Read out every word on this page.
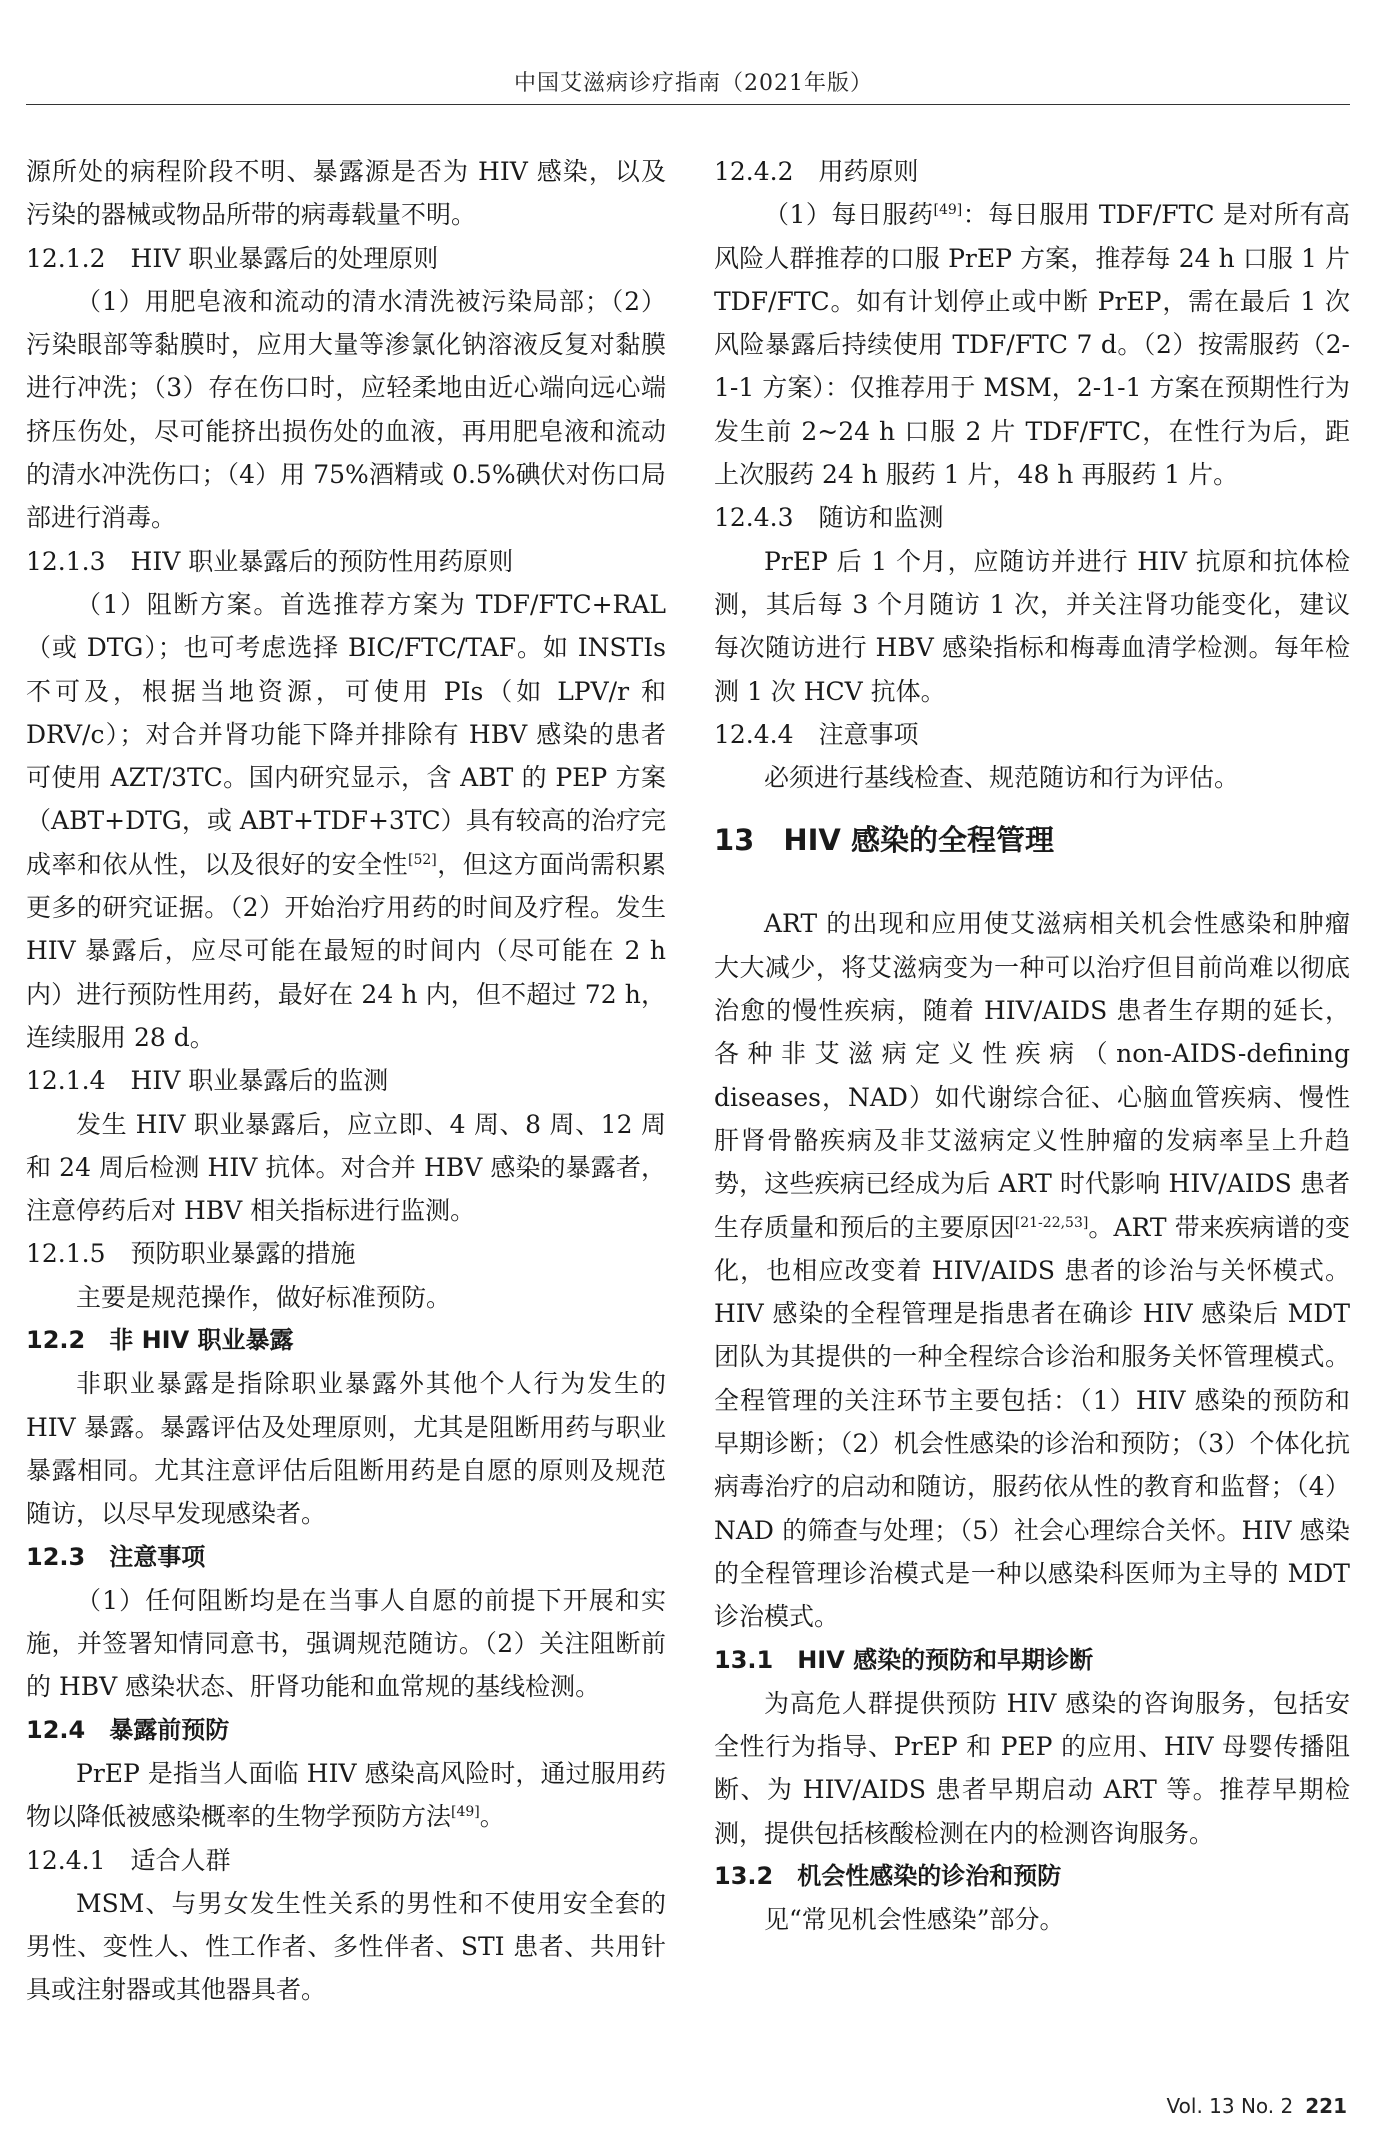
中国艾滋病诊疗指南（2021年版）
源所处的病程阶段不明、暴露源是否为 HIV 感染，以及污染的器械或物品所带的病毒载量不明。
12.1.2　HIV 职业暴露后的处理原则
（1）用肥皂液和流动的清水清洗被污染局部；（2）污染眼部等黏膜时，应用大量等渗氯化钠溶液反复对黏膜进行冲洗；（3）存在伤口时，应轻柔地由近心端向远心端挤压伤处，尽可能挤出损伤处的血液，再用肥皂液和流动的清水冲洗伤口；（4）用 75%酒精或 0.5%碘伏对伤口局部进行消毒。
12.1.3　HIV 职业暴露后的预防性用药原则
（1）阻断方案。首选推荐方案为 TDF/FTC+RAL（或 DTG）；也可考虑选择 BIC/FTC/TAF。如 INSTIs 不可及，根据当地资源，可使用 PIs（如 LPV/r 和 DRV/c）；对合并肾功能下降并排除有 HBV 感染的患者可使用 AZT/3TC。国内研究显示，含 ABT 的 PEP 方案（ABT+DTG，或 ABT+TDF+3TC）具有较高的治疗完成率和依从性，以及很好的安全性[52]，但这方面尚需积累更多的研究证据。（2）开始治疗用药的时间及疗程。发生 HIV 暴露后，应尽可能在最短的时间内（尽可能在 2 h 内）进行预防性用药，最好在 24 h 内，但不超过 72 h，连续服用 28 d。
12.1.4　HIV 职业暴露后的监测
发生 HIV 职业暴露后，应立即、4 周、8 周、12 周和 24 周后检测 HIV 抗体。对合并 HBV 感染的暴露者，注意停药后对 HBV 相关指标进行监测。
12.1.5　预防职业暴露的措施
主要是规范操作，做好标准预防。
12.2　非 HIV 职业暴露
非职业暴露是指除职业暴露外其他个人行为发生的 HIV 暴露。暴露评估及处理原则，尤其是阻断用药与职业暴露相同。尤其注意评估后阻断用药是自愿的原则及规范随访，以尽早发现感染者。
12.3　注意事项
（1）任何阻断均是在当事人自愿的前提下开展和实施，并签署知情同意书，强调规范随访。（2）关注阻断前的 HBV 感染状态、肝肾功能和血常规的基线检测。
12.4　暴露前预防
PrEP 是指当人面临 HIV 感染高风险时，通过服用药物以降低被感染概率的生物学预防方法[49]。
12.4.1　适合人群
MSM、与男女发生性关系的男性和不使用安全套的男性、变性人、性工作者、多性伴者、STI 患者、共用针具或注射器或其他器具者。
12.4.2　用药原则
（1）每日服药[49]：每日服用 TDF/FTC 是对所有高风险人群推荐的口服 PrEP 方案，推荐每 24 h 口服 1 片 TDF/FTC。如有计划停止或中断 PrEP，需在最后 1 次风险暴露后持续使用 TDF/FTC 7 d。（2）按需服药（2-1-1 方案）：仅推荐用于 MSM，2-1-1 方案在预期性行为发生前 2~24 h 口服 2 片 TDF/FTC，在性行为后，距上次服药 24 h 服药 1 片，48 h 再服药 1 片。
12.4.3　随访和监测
PrEP 后 1 个月，应随访并进行 HIV 抗原和抗体检测，其后每 3 个月随访 1 次，并关注肾功能变化，建议每次随访进行 HBV 感染指标和梅毒血清学检测。每年检测 1 次 HCV 抗体。
12.4.4　注意事项
必须进行基线检查、规范随访和行为评估。
13　HIV 感染的全程管理
ART 的出现和应用使艾滋病相关机会性感染和肿瘤大大减少，将艾滋病变为一种可以治疗但目前尚难以彻底治愈的慢性疾病，随着 HIV/AIDS 患者生存期的延长，各种非艾滋病定义性疾病（non-AIDS-defining diseases，NAD）如代谢综合征、心脑血管疾病、慢性肝肾骨骼疾病及非艾滋病定义性肿瘤的发病率呈上升趋势，这些疾病已经成为后 ART 时代影响 HIV/AIDS 患者生存质量和预后的主要原因[21-22,53]。ART 带来疾病谱的变化，也相应改变着 HIV/AIDS 患者的诊治与关怀模式。HIV 感染的全程管理是指患者在确诊 HIV 感染后 MDT 团队为其提供的一种全程综合诊治和服务关怀管理模式。全程管理的关注环节主要包括：（1）HIV 感染的预防和早期诊断；（2）机会性感染的诊治和预防；（3）个体化抗病毒治疗的启动和随访，服药依从性的教育和监督；（4）NAD 的筛查与处理；（5）社会心理综合关怀。HIV 感染的全程管理诊治模式是一种以感染科医师为主导的 MDT 诊治模式。
13.1　HIV 感染的预防和早期诊断
为高危人群提供预防 HIV 感染的咨询服务，包括安全性行为指导、PrEP 和 PEP 的应用、HIV 母婴传播阻断、为 HIV/AIDS 患者早期启动 ART 等。推荐早期检测，提供包括核酸检测在内的检测咨询服务。
13.2　机会性感染的诊治和预防
见“常见机会性感染”部分。
Vol. 13 No. 2 221
